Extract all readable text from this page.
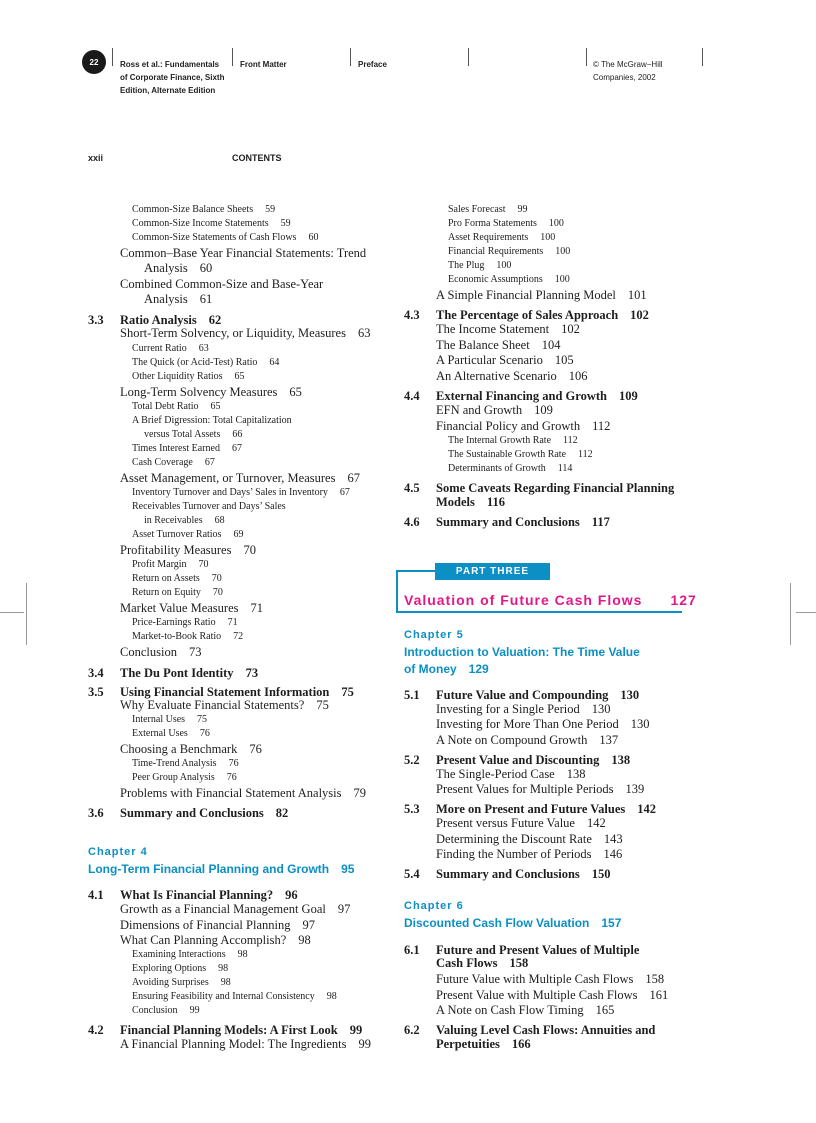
22	Ross et al.: Fundamentals
of Corporate Finance, Sixth
Edition, Alternate Edition
Front Matter	Preface	© The McGraw−Hill
Companies, 2002
xxii	CONTENTS
Common-Size Balance Sheets 59
Common-Size Income Statements 59
Common-Size Statements of Cash Flows 60
Common–Base Year Financial Statements: Trend
Analysis 60
Combined Common-Size and Base-Year
Analysis 61
3.3 Ratio Analysis 62
Short-Term Solvency, or Liquidity, Measures 63
Current Ratio 63
The Quick (or Acid-Test) Ratio 64
Other Liquidity Ratios 65
Long-Term Solvency Measures 65
Total Debt Ratio 65
A Brief Digression: Total Capitalization
versus Total Assets 66
Times Interest Earned 67
Cash Coverage 67
Asset Management, or Turnover, Measures 67
Inventory Turnover and Days’ Sales in Inventory 67
Receivables Turnover and Days’ Sales
in Receivables 68
Asset Turnover Ratios 69
Profitability Measures 70
Profit Margin 70
Return on Assets 70
Return on Equity 70
Market Value Measures 71
Price-Earnings Ratio 71
Market-to-Book Ratio 72
Conclusion 73
3.4 The Du Pont Identity 73
3.5 Using Financial Statement Information 75
Why Evaluate Financial Statements? 75
Internal Uses 75
External Uses 76
Choosing a Benchmark 76
Time-Trend Analysis 76
Peer Group Analysis 76
Problems with Financial Statement Analysis 79
3.6 Summary and Conclusions 82
Chapter 4
Long-Term Financial Planning and Growth 95
4.1 What Is Financial Planning? 96
Growth as a Financial Management Goal 97
Dimensions of Financial Planning 97
What Can Planning Accomplish? 98
Examining Interactions 98
Exploring Options 98
Avoiding Surprises 98
Ensuring Feasibility and Internal Consistency 98
Conclusion 99
4.2 Financial Planning Models: A First Look 99
A Financial Planning Model: The Ingredients 99
Sales Forecast 99
Pro Forma Statements 100
Asset Requirements 100
Financial Requirements 100
The Plug 100
Economic Assumptions 100
A Simple Financial Planning Model 101
4.3 The Percentage of Sales Approach 102
The Income Statement 102
The Balance Sheet 104
A Particular Scenario 105
An Alternative Scenario 106
4.4 External Financing and Growth 109
EFN and Growth 109
Financial Policy and Growth 112
The Internal Growth Rate 112
The Sustainable Growth Rate 112
Determinants of Growth 114
4.5 Some Caveats Regarding Financial Planning
Models 116
4.6 Summary and Conclusions 117
PART THREE
Valuation of Future Cash Flows 127
Chapter 5
Introduction to Valuation: The Time Value
of Money 129
5.1 Future Value and Compounding 130
Investing for a Single Period 130
Investing for More Than One Period 130
A Note on Compound Growth 137
5.2 Present Value and Discounting 138
The Single-Period Case 138
Present Values for Multiple Periods 139
5.3 More on Present and Future Values 142
Present versus Future Value 142
Determining the Discount Rate 143
Finding the Number of Periods 146
5.4 Summary and Conclusions 150
Chapter 6
Discounted Cash Flow Valuation 157
6.1 Future and Present Values of Multiple
Cash Flows 158
Future Value with Multiple Cash Flows 158
Present Value with Multiple Cash Flows 161
A Note on Cash Flow Timing 165
6.2 Valuing Level Cash Flows: Annuities and
Perpetuities 166
